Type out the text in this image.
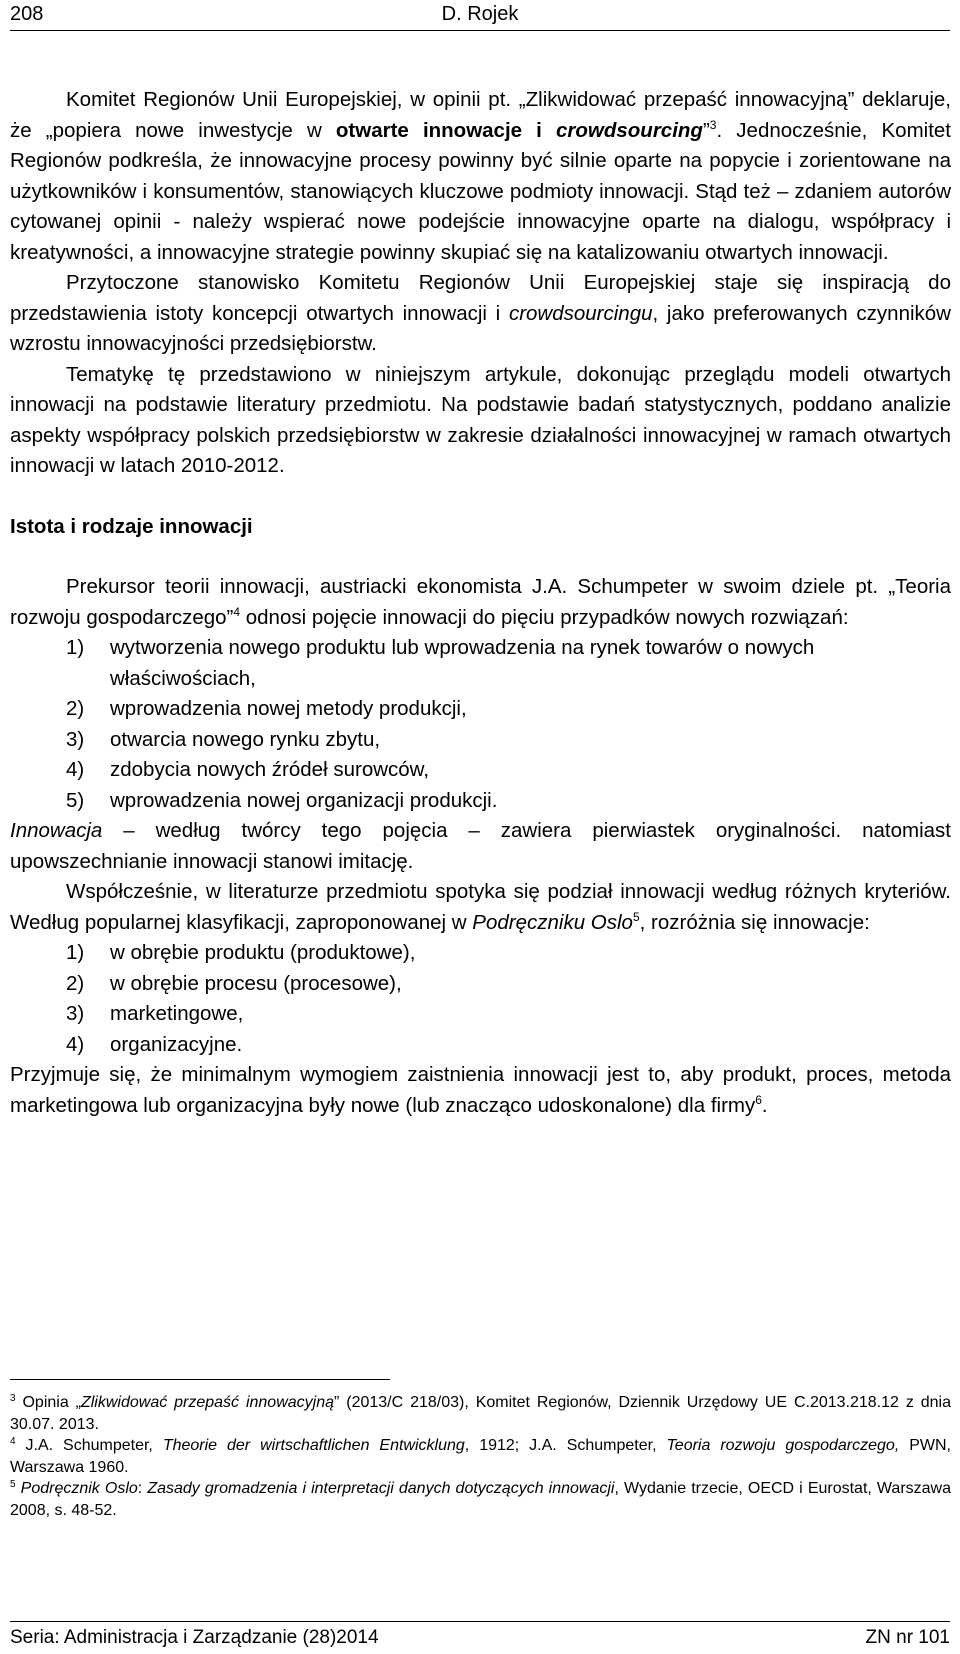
208	D. Rojek

Komitet Regionów Unii Europejskiej, w opinii pt. „Zlikwidować przepaść innowacyjną” deklaruje, że „popiera nowe inwestycje w otwarte innowacje i crowdsourcing”$^3$. Jednocześnie, Komitet Regionów podkreśla, że innowacyjne procesy powinny być silnie oparte na popycie i zorientowane na użytkowników i konsumentów, stanowiących kluczowe podmioty innowacji. Stąd też – zdaniem autorów cytowanej opinii - należy wspierać nowe podejście innowacyjne oparte na dialogu, współpracy i kreatywności, a innowacyjne strategie powinny skupiać się na katalizowaniu otwartych innowacji.

Przytoczone stanowisko Komitetu Regionów Unii Europejskiej staje się inspiracją do przedstawienia istoty koncepcji otwartych innowacji i crowdsourcingu, jako preferowanych czynników wzrostu innowacyjności przedsiębiorstw.

Tematykę tę przedstawiono w niniejszym artykule, dokonując przeglądu modeli otwartych innowacji na podstawie literatury przedmiotu. Na podstawie badań statystycznych, poddano analizie aspekty współpracy polskich przedsiębiorstw w zakresie działalności innowacyjnej w ramach otwartych innowacji w latach 2010-2012.

Istota i rodzaje innowacji

Prekursor teorii innowacji, austriacki ekonomista J.A. Schumpeter w swoim dziele pt. „Teoria rozwoju gospodarczego”$^4$ odnosi pojęcie innowacji do pięciu przypadków nowych rozwiązań:

1) wytworzenia nowego produktu lub wprowadzenia na rynek towarów o nowych właściwościach,
2) wprowadzenia nowej metody produkcji,
3) otwarcia nowego rynku zbytu,
4) zdobycia nowych źródeł surowców,
5) wprowadzenia nowej organizacji produkcji.

Innowacja – według twórcy tego pojęcia – zawiera pierwiastek oryginalności. natomiast upowszechnianie innowacji stanowi imitację.

Współcześnie, w literaturze przedmiotu spotyka się podział innowacji według różnych kryteriów. Według popularnej klasyfikacji, zaproponowanej w Podręczniku Oslo$^5$, rozróżnia się innowacje:

1) w obrębie produktu (produktowe),
2) w obrębie procesu (procesowe),
3) marketingowe,
4) organizacyjne.

Przyjmuje się, że minimalnym wymogiem zaistnienia innowacji jest to, aby produkt, proces, metoda marketingowa lub organizacyjna były nowe (lub znacząco udoskonalone) dla firmy$^6$.

$^3$ Opinia „Zlikwidować przepaść innowacyjną” (2013/C 218/03), Komitet Regionów, Dziennik Urzędowy UE C.2013.218.12 z dnia 30.07. 2013.

$^4$ J.A. Schumpeter, Theorie der wirtschaftlichen Entwicklung, 1912; J.A. Schumpeter, Teoria rozwoju gospodarczego, PWN, Warszawa 1960.

$^5$ Podręcznik Oslo: Zasady gromadzenia i interpretacji danych dotyczących innowacji, Wydanie trzecie, OECD i Eurostat, Warszawa 2008, s. 48-52.

Seria: Administracja i Zarządzanie (28)2014	ZN nr 101
